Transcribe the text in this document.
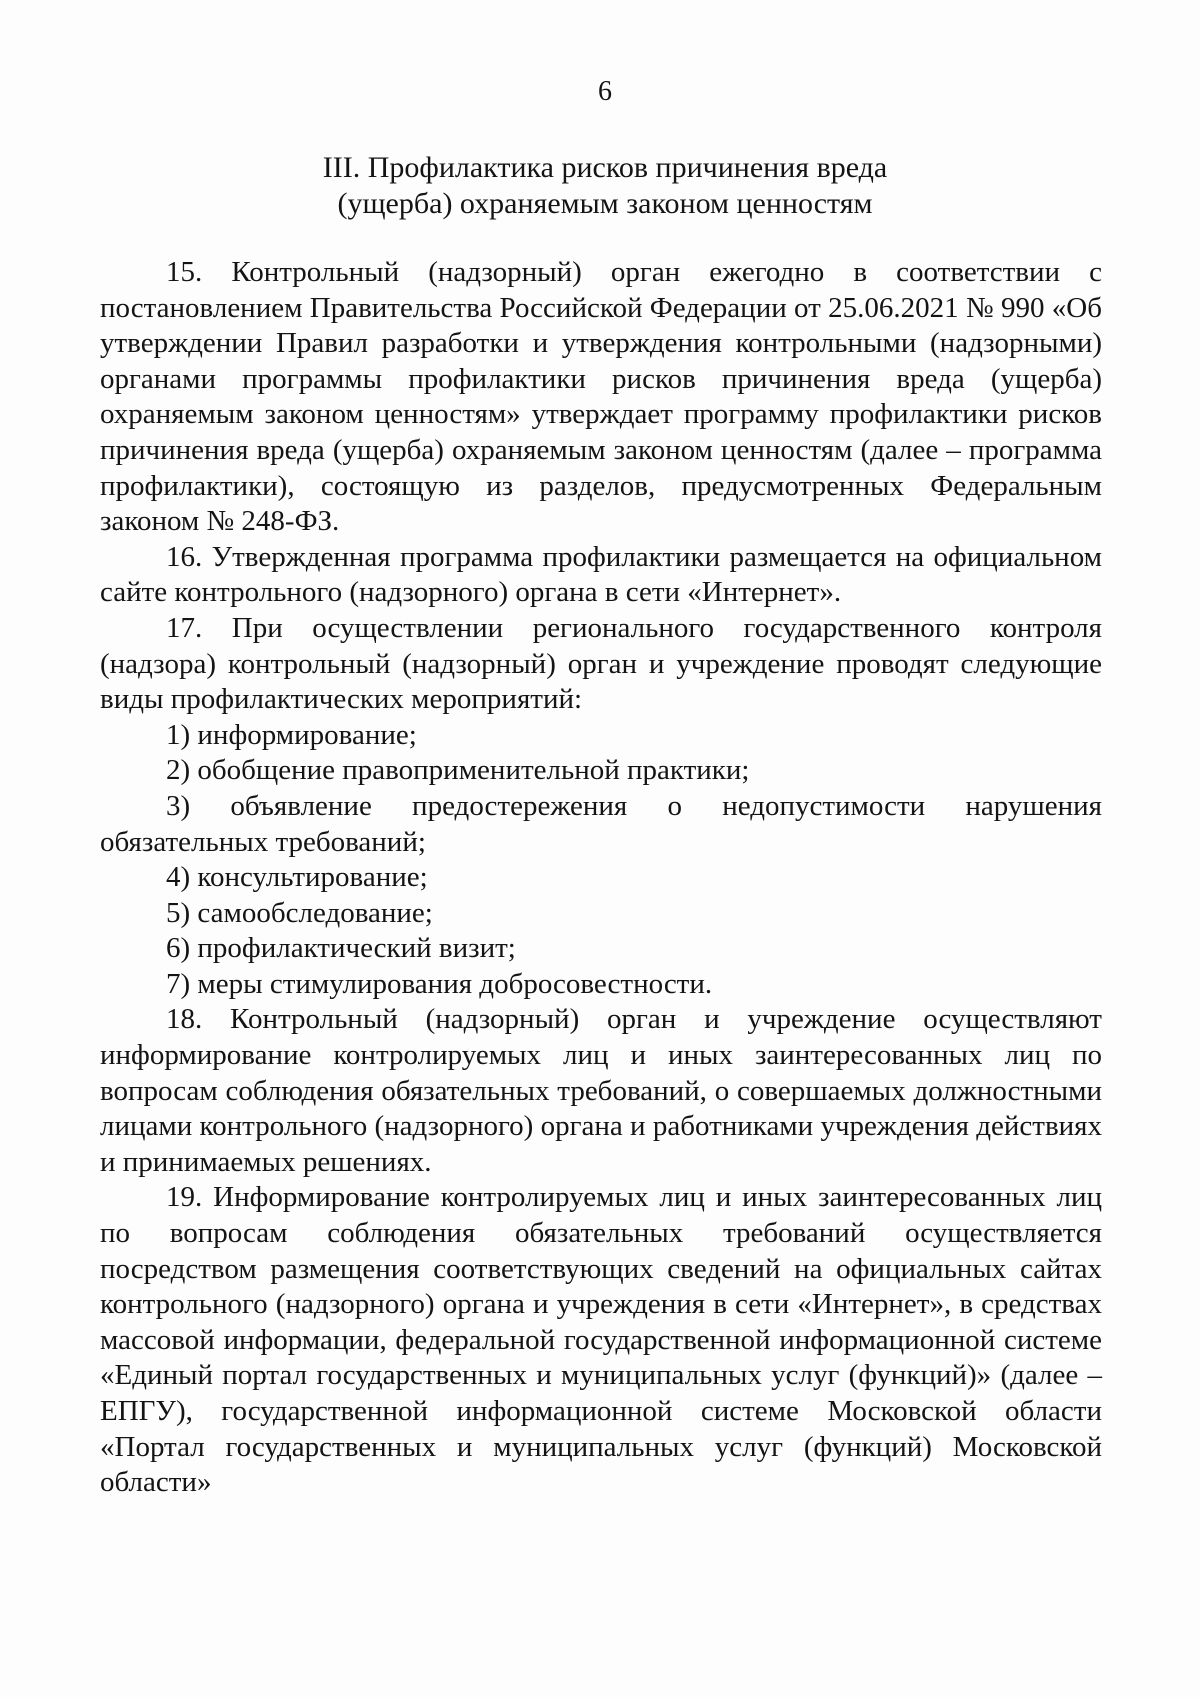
6
III. Профилактика рисков причинения вреда
(ущерба) охраняемым законом ценностям

15. Контрольный (надзорный) орган ежегодно в соответствии с постановлением Правительства Российской Федерации от 25.06.2021 № 990 «Об утверждении Правил разработки и утверждения контрольными (надзорными) органами программы профилактики рисков причинения вреда (ущерба) охраняемым законом ценностям» утверждает программу профилактики рисков причинения вреда (ущерба) охраняемым законом ценностям (далее – программа профилактики), состоящую из разделов, предусмотренных Федеральным законом № 248-ФЗ.

16. Утвержденная программа профилактики размещается на официальном сайте контрольного (надзорного) органа в сети «Интернет».

17. При осуществлении регионального государственного контроля (надзора) контрольный (надзорный) орган и учреждение проводят следующие виды профилактических мероприятий:

1) информирование;

2) обобщение правоприменительной практики;

3) объявление предостережения о недопустимости нарушения обязательных требований;

4) консультирование;

5) самообследование;

6) профилактический визит;

7) меры стимулирования добросовестности.

18. Контрольный (надзорный) орган и учреждение осуществляют информирование контролируемых лиц и иных заинтересованных лиц по вопросам соблюдения обязательных требований, о совершаемых должностными лицами контрольного (надзорного) органа и работниками учреждения действиях и принимаемых решениях.

19. Информирование контролируемых лиц и иных заинтересованных лиц по вопросам соблюдения обязательных требований осуществляется посредством размещения соответствующих сведений на официальных сайтах контрольного (надзорного) органа и учреждения в сети «Интернет», в средствах массовой информации, федеральной государственной информационной системе «Единый портал государственных и муниципальных услуг (функций)» (далее – ЕПГУ), государственной информационной системе Московской области «Портал государственных и муниципальных услуг (функций) Московской области»
